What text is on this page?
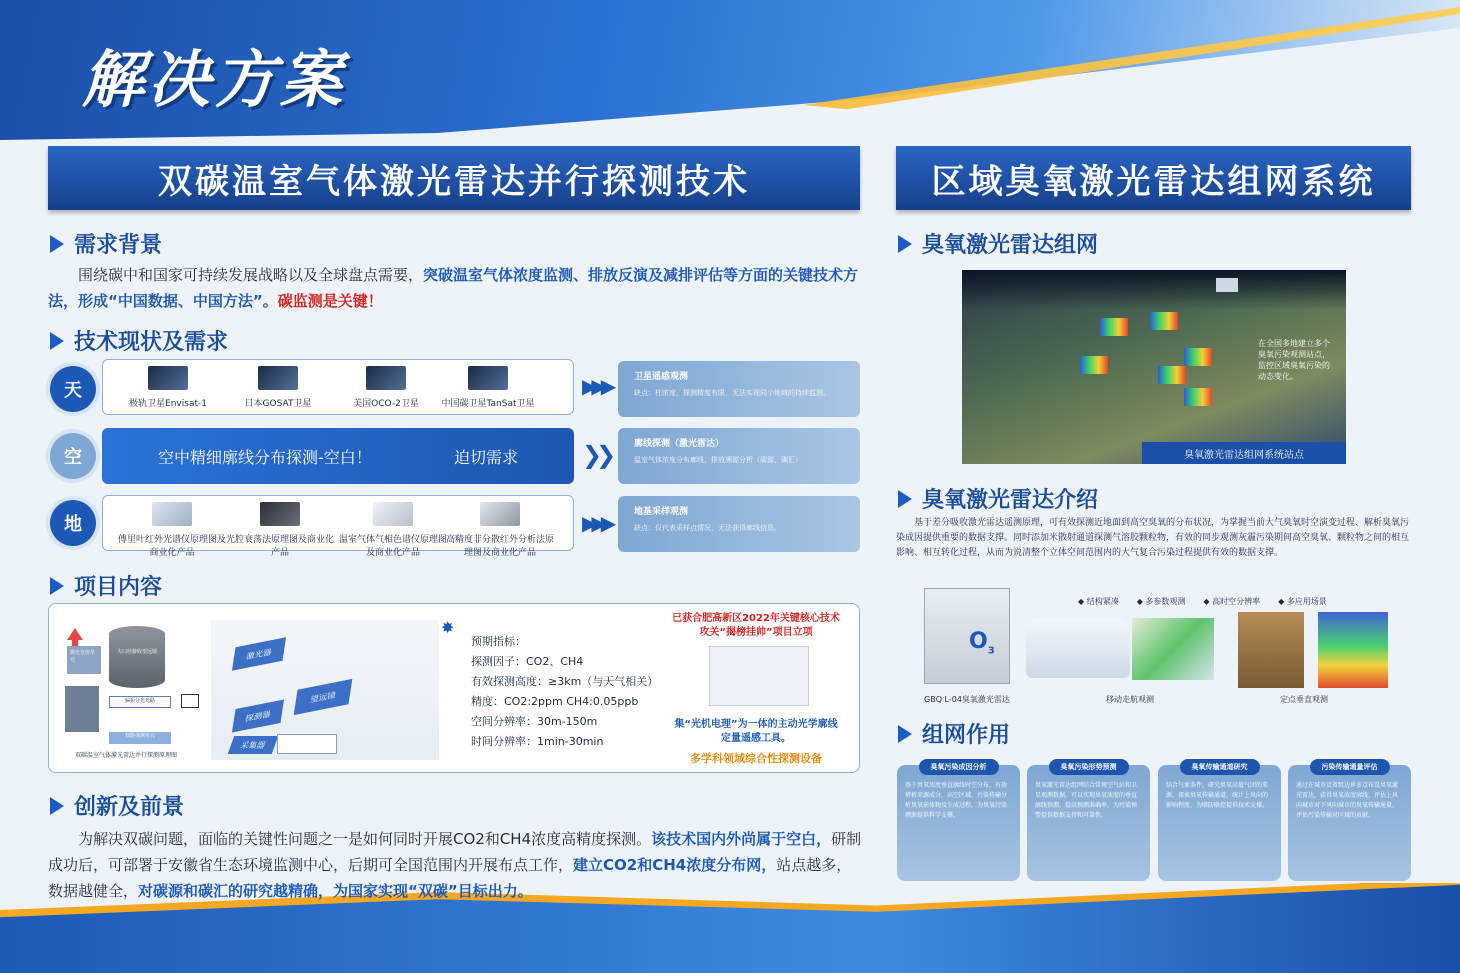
解决方案
双碳温室气体激光雷达并行探测技术
需求背景
围绕碳中和国家可持续发展战略以及全球盘点需要，突破温室气体浓度监测、排放反演及减排评估等方面的关键技术方法，形成“中国数据、中国方法”。碳监测是关键！
技术现状及需求
天
极轨卫星Envisat-1	日本GOSAT卫星	美国OCO-2卫星	中国碳卫星TanSat卫星
▶▶▶	卫星遥感观测
缺点：柱浓度，探测精度有限，无法实现同个地域的持续监测。
空	空中精细廓线分布探测-空白！	迫切需求	❯❯	廓线探测（激光雷达）
温室气体浓度分布廓线，排放溯源分析（碳源、碳汇）
地
傅里叶红外光谱仪原理图及商业化产品
光腔衰荡法原理图及商业化产品
温室气体气相色谱仪原理图及商业化产品
高精度非分散红外分析法原理图及商业化产品
▶▶▶	地基采样观测
缺点：仅代表采样点情况，无法获得廓线信息。
项目内容
激光发射单元
大口径接收望远镜
偏振分光光路
双路探测单元
双碳温室气体激光雷达并行探测原理图
激光器
望远镜
探测器
采集器
✸
预期指标：
探测因子：CO2、CH4
有效探测高度：≥3km（与天气相关）
精度：CO2:2ppm CH4:0.05ppb
空间分辨率：30m-150m
时间分辨率：1min-30min
已获合肥高新区2022年关键核心技术攻关“揭榜挂帅”项目立项
集“光机电理”为一体的主动光学廓线定量遥感工具。
多学科领域综合性探测设备
创新及前景
为解决双碳问题，面临的关键性问题之一是如何同时开展CO2和CH4浓度高精度探测。该技术国内外尚属于空白，研制成功后，可部署于安徽省生态环境监测中心，后期可全国范围内开展布点工作，建立CO2和CH4浓度分布网，站点越多，数据越健全，对碳源和碳汇的研究越精确，为国家实现“双碳”目标出力。
区域臭氧激光雷达组网系统
臭氧激光雷达组网
在全国多地建立多个臭氧污染观测站点，监控区域臭氧污染的动态变化。
臭氧激光雷达组网系统站点
臭氧激光雷达介绍
基于差分吸收激光雷达遥测原理，可有效探测近地面到高空臭氧的分布状况，为掌握当前大气臭氧时空演变过程、解析臭氧污染成因提供重要的数据支撑。同时添加米散射通道探测气溶胶颗粒物，有效的同步观测灰霾污染期间高空臭氧、颗粒物之间的相互影响、相互转化过程，从而为说清整个立体空间范围内的大气复合污染过程提供有效的数据支撑。
$O_3$
◆ 结构紧凑 ◆ 多参数观测 ◆ 高时空分辨率 ◆ 多应用场景
GBQ L-04臭氧激光雷达	移动走航观测	定点垂直观测
组网作用
臭氧污染成因分析
基于臭氧浓度垂直廓线时空分布，有效辨析来源成分，高空区域、污染传输分析臭氧前体物及生成过程，为臭氧污染溯源提供科学支撑。
臭氧污染形势预测
臭氧激光雷达组网结合常规空气站和卫星观测数据，可以实现臭氧浓度的垂直廓线预测，提高预测准确率，为污染预警提供数据支持和可靠性。
臭氧传输通道研究
结合气象条件，研究臭氧高值气团的来源，探索臭氧传输通道，统计上风向的影响程度，为联防联控提供技术支撑。
污染传输通量评估
通过在城市及省级边界多点布设臭氧激光雷达，获得臭氧浓度廓线，评估上风向城市对下风向城市的臭氧传输通量，评估污染传输对区域的贡献。
